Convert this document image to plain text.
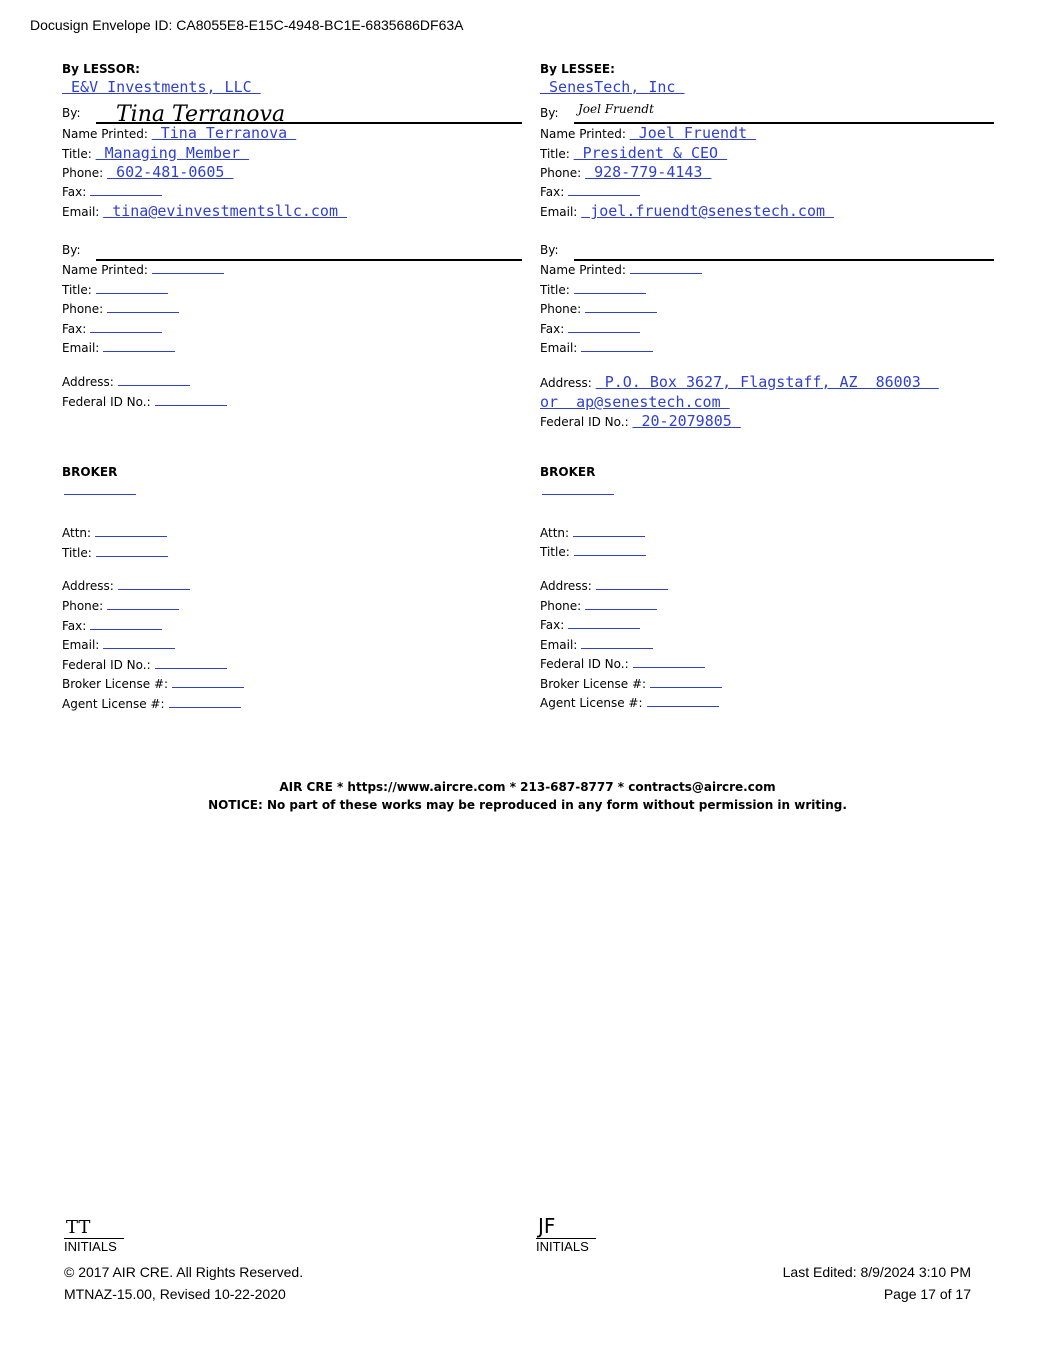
Docusign Envelope ID: CA8055E8-E15C-4948-BC1E-6835686DF63A
By LESSOR:
E&V Investments, LLC
By: Tina Terranova
Name Printed:  Tina Terranova
Title:  Managing Member
Phone:  602-481-0605
Fax:
Email:  tina@evinvestmentsllc.com
By:
Name Printed:
Title:
Phone:
Fax:
Email:
Address:
Federal ID No.:
BROKER
Attn:
Title:
Address:
Phone:
Fax:
Email:
Federal ID No.:
Broker License #:
Agent License #:
By LESSEE:
SenesTech, Inc
By: Joel Fruendt
Name Printed:  Joel Fruendt
Title:  President & CEO
Phone:  928-779-4143
Fax:
Email:  joel.fruendt@senestech.com
By:
Name Printed:
Title:
Phone:
Fax:
Email:
Address:  P.O. Box 3627, Flagstaff, AZ  86003
or  ap@senestech.com
Federal ID No.:  20-2079805
BROKER
Attn:
Title:
Address:
Phone:
Fax:
Email:
Federal ID No.:
Broker License #:
Agent License #:
AIR CRE * https://www.aircre.com * 213-687-8777 * contracts@aircre.com
NOTICE: No part of these works may be reproduced in any form without permission in writing.
TT
INITIALS
JF
INITIALS
© 2017 AIR CRE. All Rights Reserved.
MTNAZ-15.00, Revised 10-22-2020
Last Edited: 8/9/2024 3:10 PM
Page 17 of 17
